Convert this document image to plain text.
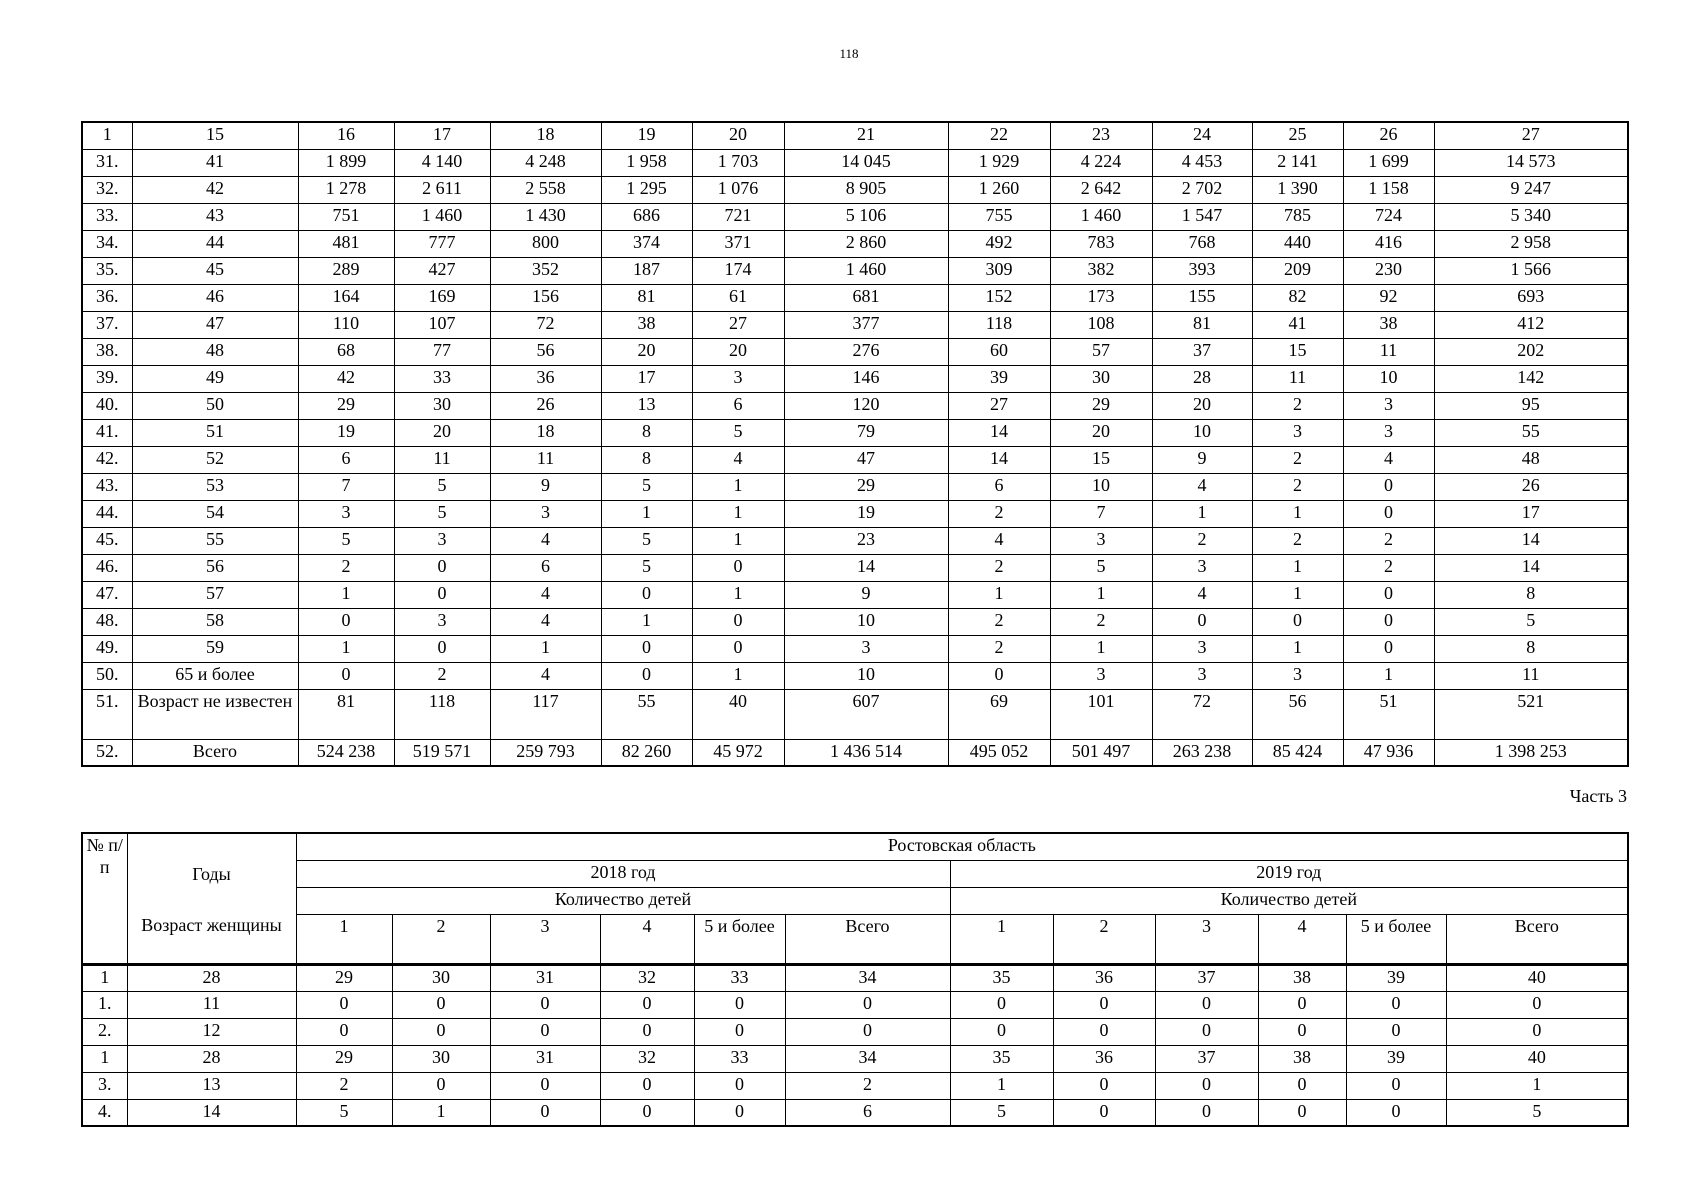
118
1	15	16	17	18	19	20	21	22	23	24	25	26	27
31.	41	1 899	4 140	4 248	1 958	1 703	14 045	1 929	4 224	4 453	2 141	1 699	14 573
32.	42	1 278	2 611	2 558	1 295	1 076	8 905	1 260	2 642	2 702	1 390	1 158	9 247
33.	43	751	1 460	1 430	686	721	5 106	755	1 460	1 547	785	724	5 340
34.	44	481	777	800	374	371	2 860	492	783	768	440	416	2 958
35.	45	289	427	352	187	174	1 460	309	382	393	209	230	1 566
36.	46	164	169	156	81	61	681	152	173	155	82	92	693
37.	47	110	107	72	38	27	377	118	108	81	41	38	412
38.	48	68	77	56	20	20	276	60	57	37	15	11	202
39.	49	42	33	36	17	3	146	39	30	28	11	10	142
40.	50	29	30	26	13	6	120	27	29	20	2	3	95
41.	51	19	20	18	8	5	79	14	20	10	3	3	55
42.	52	6	11	11	8	4	47	14	15	9	2	4	48
43.	53	7	5	9	5	1	29	6	10	4	2	0	26
44.	54	3	5	3	1	1	19	2	7	1	1	0	17
45.	55	5	3	4	5	1	23	4	3	2	2	2	14
46.	56	2	0	6	5	0	14	2	5	3	1	2	14
47.	57	1	0	4	0	1	9	1	1	4	1	0	8
48.	58	0	3	4	1	0	10	2	2	0	0	0	5
49.	59	1	0	1	0	0	3	2	1	3	1	0	8
50.	65 и более	0	2	4	0	1	10	0	3	3	3	1	11
51.	Возраст не известен	81	118	117	55	40	607	69	101	72	56	51	521
52.	Всего	524 238	519 571	259 793	82 260	45 972	1 436 514	495 052	501 497	263 238	85 424	47 936	1 398 253
Часть 3
№ п/п	Годы	Ростовская область											
		2018 год						2019 год					
		Количество детей						Количество детей					
	Возраст женщины	1	2	3	4	5 и более	Всего	1	2	3	4	5 и более	Всего
1	28	29	30	31	32	33	34	35	36	37	38	39	40
1.	11	0	0	0	0	0	0	0	0	0	0	0	0
2.	12	0	0	0	0	0	0	0	0	0	0	0	0
1	28	29	30	31	32	33	34	35	36	37	38	39	40
3.	13	2	0	0	0	0	2	1	0	0	0	0	1
4.	14	5	1	0	0	0	6	5	0	0	0	0	5
